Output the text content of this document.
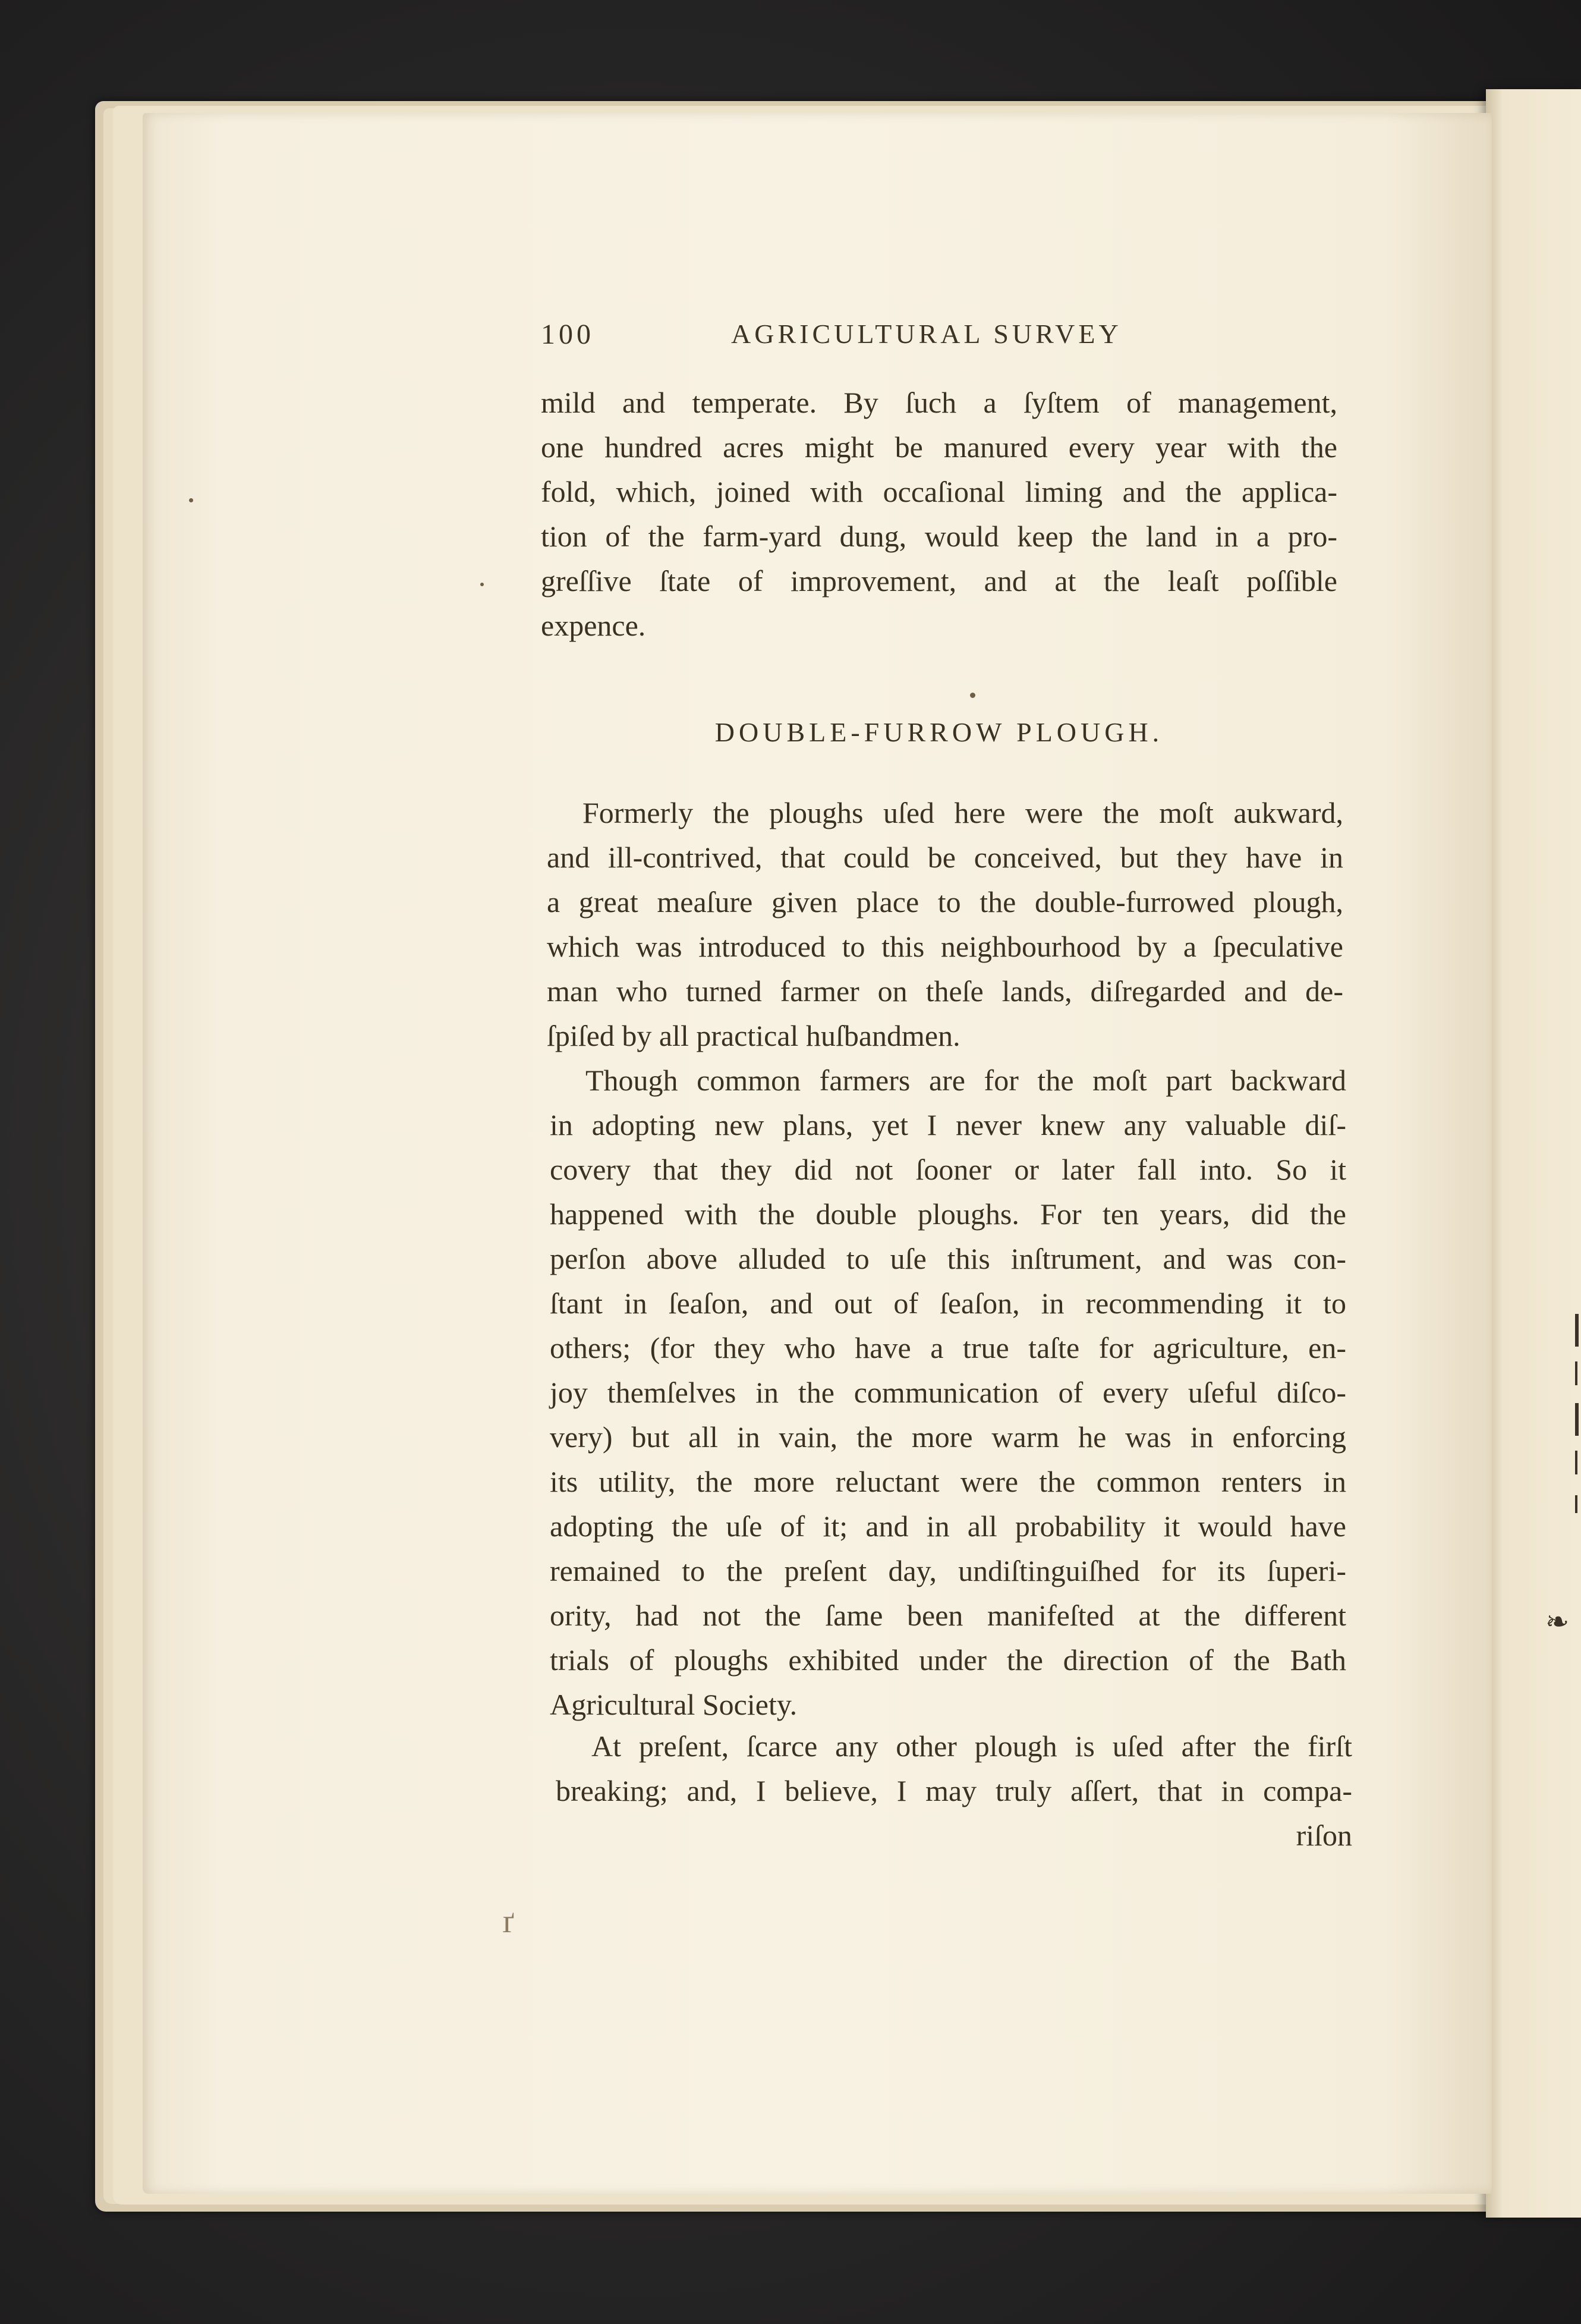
❧
100	AGRICULTURAL SURVEY
mild and temperate. By ſuch a ſyſtem of management,
one hundred acres might be manured every year with the
fold, which, joined with occaſional liming and the applica-
tion of the farm-yard dung, would keep the land in a pro-
greſſive ſtate of improvement, and at the leaſt poſſible
expence.
DOUBLE-FURROW PLOUGH.
Formerly the ploughs uſed here were the moſt aukward,
and ill-contrived, that could be conceived, but they have in
a great meaſure given place to the double-furrowed plough,
which was introduced to this neighbourhood by a ſpeculative
man who turned farmer on theſe lands, diſregarded and de-
ſpiſed by all practical huſbandmen.
Though common farmers are for the moſt part backward
in adopting new plans, yet I never knew any valuable diſ-
covery that they did not ſooner or later fall into. So it
happened with the double ploughs. For ten years, did the
perſon above alluded to uſe this inſtrument, and was con-
ſtant in ſeaſon, and out of ſeaſon, in recommending it to
others; (for they who have a true taſte for agriculture, en-
joy themſelves in the communication of every uſeful diſco-
very) but all in vain, the more warm he was in enforcing
its utility, the more reluctant were the common renters in
adopting the uſe of it; and in all probability it would have
remained to the preſent day, undiſtinguiſhed for its ſuperi-
ority, had not the ſame been manifeſted at the different
trials of ploughs exhibited under the direction of the Bath
Agricultural Society.
At preſent, ſcarce any other plough is uſed after the firſt
breaking; and, I believe, I may truly aſſert, that in compa-
riſon
ґ
